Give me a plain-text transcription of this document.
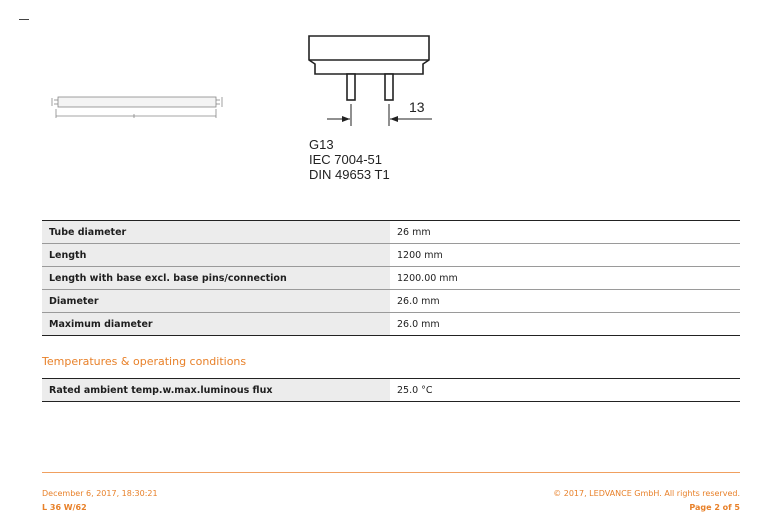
13
G13
IEC 7004-51
DIN 49653 T1
Tube diameter	26 mm
Length	1200 mm
Length with base excl. base pins/connection	1200.00 mm
Diameter	26.0 mm
Maximum diameter	26.0 mm
Temperatures & operating conditions
Rated ambient temp.w.max.luminous flux	25.0 °C
December 6, 2017, 18:30:21
L 36 W/62
© 2017, LEDVANCE GmbH. All rights reserved.
Page 2 of 5
